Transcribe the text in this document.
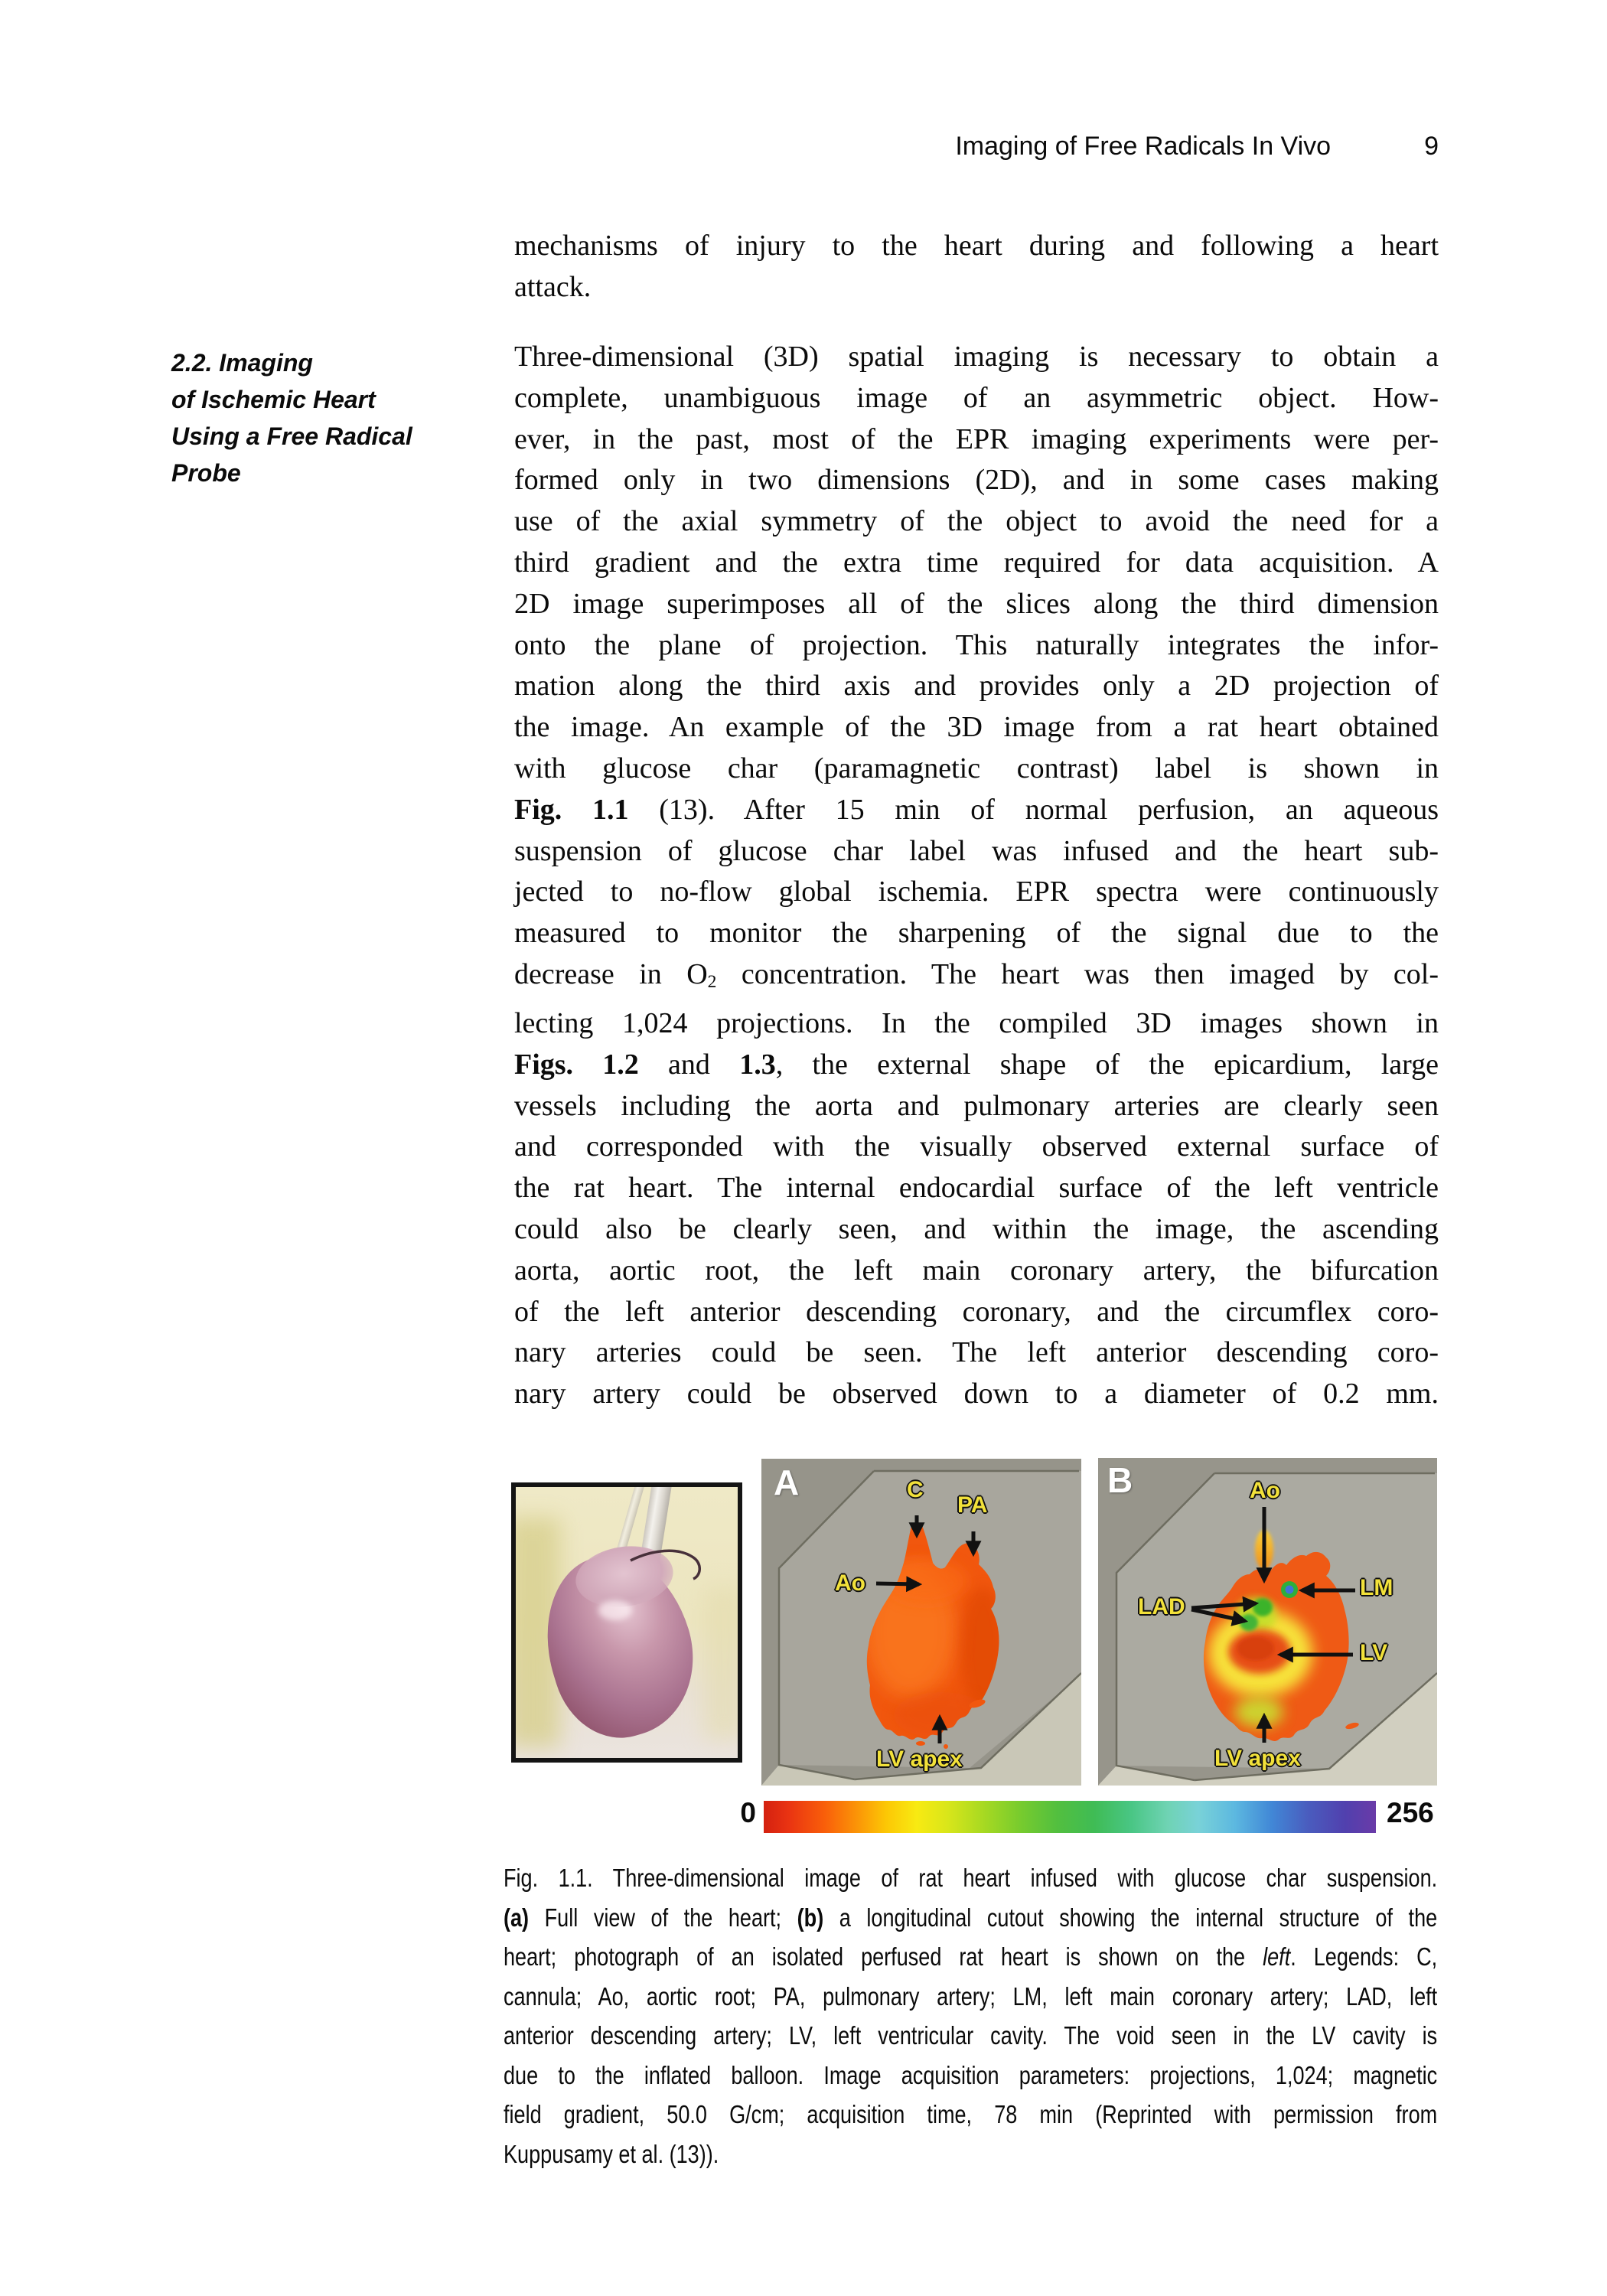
Imaging of Free Radicals In Vivo	9
mechanisms of injury to the heart during and following a heart
attack.
2.2. Imaging
of Ischemic Heart
Using a Free Radical
Probe
Three-dimensional (3D) spatial imaging is necessary to obtain a
complete, unambiguous image of an asymmetric object. How-
ever, in the past, most of the EPR imaging experiments were per-
formed only in two dimensions (2D), and in some cases making
use of the axial symmetry of the object to avoid the need for a
third gradient and the extra time required for data acquisition. A
2D image superimposes all of the slices along the third dimension
onto the plane of projection. This naturally integrates the infor-
mation along the third axis and provides only a 2D projection of
the image. An example of the 3D image from a rat heart obtained
with glucose char (paramagnetic contrast) label is shown in
Fig. 1.1 (13). After 15 min of normal perfusion, an aqueous
suspension of glucose char label was infused and the heart sub-
jected to no-flow global ischemia. EPR spectra were continuously
measured to monitor the sharpening of the signal due to the
decrease in $O_2$ concentration. The heart was then imaged by col-
lecting 1,024 projections. In the compiled 3D images shown in
Figs. 1.2 and 1.3, the external shape of the epicardium, large
vessels including the aorta and pulmonary arteries are clearly seen
and corresponded with the visually observed external surface of
the rat heart. The internal endocardial surface of the left ventricle
could also be clearly seen, and within the image, the ascending
aorta, aortic root, the left main coronary artery, the bifurcation
of the left anterior descending coronary, and the circumflex coro-
nary arteries could be seen. The left anterior descending coro-
nary artery could be observed down to a diameter of 0.2 mm.
A	C
PA
Ao
LV apex
B	Ao
LM
LAD
LV
LV apex
0	256
Fig. 1.1. Three-dimensional image of rat heart infused with glucose char suspension.
(a) Full view of the heart; (b) a longitudinal cutout showing the internal structure of the
heart; photograph of an isolated perfused rat heart is shown on the left. Legends: C,
cannula; Ao, aortic root; PA, pulmonary artery; LM, left main coronary artery; LAD, left
anterior descending artery; LV, left ventricular cavity. The void seen in the LV cavity is
due to the inflated balloon. Image acquisition parameters: projections, 1,024; magnetic
field gradient, 50.0 G/cm; acquisition time, 78 min (Reprinted with permission from
Kuppusamy et al. (13)).
